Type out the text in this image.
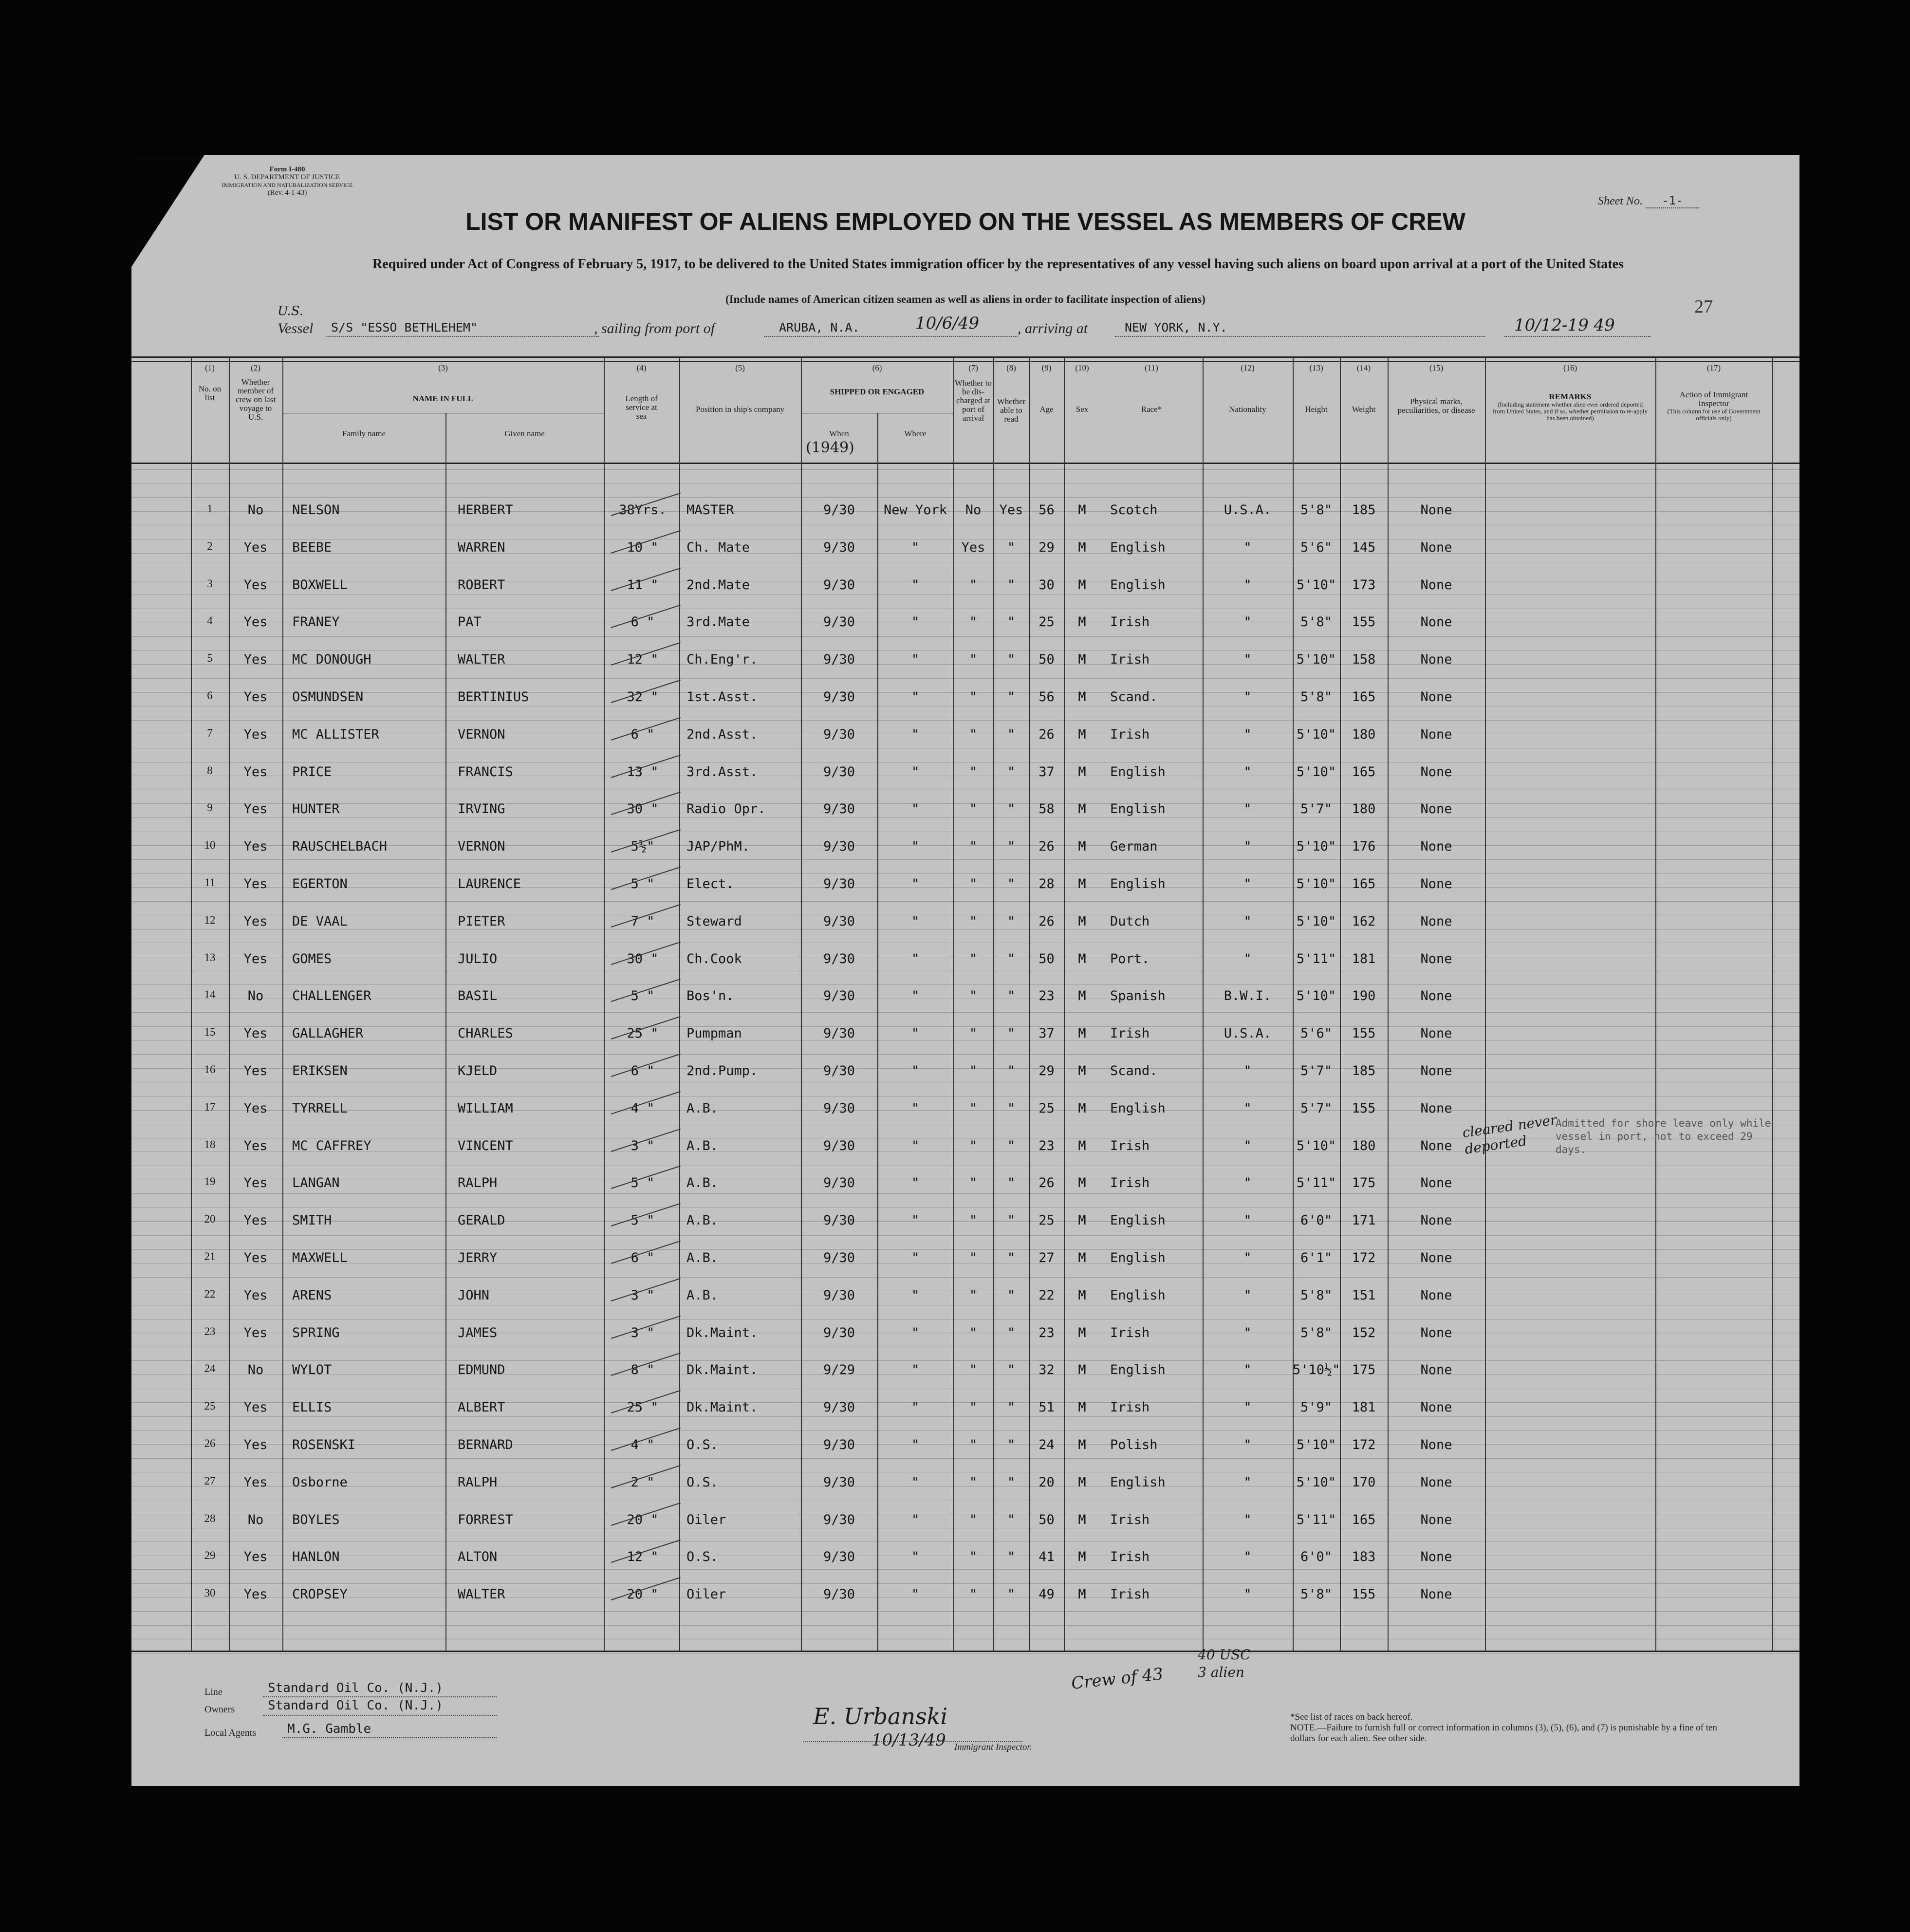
Form I-480
U. S. DEPARTMENT OF JUSTICE
IMMIGRATION AND NATURALIZATION SERVICE
(Rev. 4-1-43)
Sheet No. -1-
LIST OR MANIFEST OF ALIENS EMPLOYED ON THE VESSEL AS MEMBERS OF CREW
Required under Act of Congress of February 5, 1917, to be delivered to the United States immigration officer by the representatives of any vessel having such aliens on board upon arrival at a port of the United States
(Include names of American citizen seamen as well as aliens in order to facilitate inspection of aliens)	27
U.S.
Vessel S/S "ESSO BETHLEHEM"	, sailing from port of	ARUBA, N.A.	10/6/49	, arriving at	NEW YORK, N.Y.	10/12-19 49
(1)
No. on list
(2)
Whether member of crew on last voyage to U.S.
(3)
NAME IN FULL
Family name	Given name
(4)
Length of service at sea
(5)
Position in ship's company
(6)
SHIPPED OR ENGAGED
When	Where
(1949)
(7)
Whether to be dis-charged at port of arrival
(8)
Whether able to read
(9)
Age
(10)
Sex
(11)
Race*
(12)
Nationality
(13)
Height
(14)
Weight
(15)
Physical marks, peculiarities, or disease
(16)
REMARKS
(Including statement whether alien ever ordered deported from United States, and if so, whether permission to re-apply has been obtained)
(17)
Action of Immigrant Inspector
(This column for use of Government officials only)
1	No	NELSON	HERBERT	38Yrs.	MASTER	9/30	New York	No	Yes	56	M	Scotch	U.S.A.	5'8"	185	None
2	Yes	BEEBE	WARREN	10 "	Ch. Mate	9/30	"	Yes	"	29	M	English	"	5'6"	145	None
3	Yes	BOXWELL	ROBERT	11 "	2nd.Mate	9/30	"	"	"	30	M	English	"	5'10"	173	None
4	Yes	FRANEY	PAT	6 "	3rd.Mate	9/30	"	"	"	25	M	Irish	"	5'8"	155	None
5	Yes	MC DONOUGH	WALTER	12 "	Ch.Eng'r.	9/30	"	"	"	50	M	Irish	"	5'10"	158	None
6	Yes	OSMUNDSEN	BERTINIUS	32 "	1st.Asst.	9/30	"	"	"	56	M	Scand.	"	5'8"	165	None
7	Yes	MC ALLISTER	VERNON	6 "	2nd.Asst.	9/30	"	"	"	26	M	Irish	"	5'10"	180	None
8	Yes	PRICE	FRANCIS	13 "	3rd.Asst.	9/30	"	"	"	37	M	English	"	5'10"	165	None
9	Yes	HUNTER	IRVING	30 "	Radio Opr.	9/30	"	"	"	58	M	English	"	5'7"	180	None
10	Yes	RAUSCHELBACH	VERNON	5½"	JAP/PhM.	9/30	"	"	"	26	M	German	"	5'10"	176	None
11	Yes	EGERTON	LAURENCE	5 "	Elect.	9/30	"	"	"	28	M	English	"	5'10"	165	None
12	Yes	DE VAAL	PIETER	7 "	Steward	9/30	"	"	"	26	M	Dutch	"	5'10"	162	None
13	Yes	GOMES	JULIO	30 "	Ch.Cook	9/30	"	"	"	50	M	Port.	"	5'11"	181	None
14	No	CHALLENGER	BASIL	5 "	Bos'n.	9/30	"	"	"	23	M	Spanish	B.W.I.	5'10"	190	None
15	Yes	GALLAGHER	CHARLES	25 "	Pumpman	9/30	"	"	"	37	M	Irish	U.S.A.	5'6"	155	None
16	Yes	ERIKSEN	KJELD	6 "	2nd.Pump.	9/30	"	"	"	29	M	Scand.	"	5'7"	185	None
17	Yes	TYRRELL	WILLIAM	4 "	A.B.	9/30	"	"	"	25	M	English	"	5'7"	155	None
18	Yes	MC CAFFREY	VINCENT	3 "	A.B.	9/30	"	"	"	23	M	Irish	"	5'10"	180	None
19	Yes	LANGAN	RALPH	5 "	A.B.	9/30	"	"	"	26	M	Irish	"	5'11"	175	None
20	Yes	SMITH	GERALD	5 "	A.B.	9/30	"	"	"	25	M	English	"	6'0"	171	None
21	Yes	MAXWELL	JERRY	6 "	A.B.	9/30	"	"	"	27	M	English	"	6'1"	172	None
22	Yes	ARENS	JOHN	3 "	A.B.	9/30	"	"	"	22	M	English	"	5'8"	151	None
23	Yes	SPRING	JAMES	3 "	Dk.Maint.	9/30	"	"	"	23	M	Irish	"	5'8"	152	None
24	No	WYLOT	EDMUND	8 "	Dk.Maint.	9/29	"	"	"	32	M	English	"	5'10½" 175	None
25	Yes	ELLIS	ALBERT	25 "	Dk.Maint.	9/30	"	"	"	51	M	Irish	"	5'9"	181	None
26	Yes	ROSENSKI	BERNARD	4 "	O.S.	9/30	"	"	"	24	M	Polish	"	5'10"	172	None
27	Yes	Osborne	RALPH	2 "	O.S.	9/30	"	"	"	20	M	English	"	5'10"	170	None
28	No	BOYLES	FORREST	20 "	Oiler	9/30	"	"	"	50	M	Irish	"	5'11"	165	None
29	Yes	HANLON	ALTON	12 "	O.S.	9/30	"	"	"	41	M	Irish	"	6'0"	183	None
30	Yes	CROPSEY	WALTER	20 "	Oiler	9/30	"	"	"	49	M	Irish	"	5'8"	155	None
cleared never deported
Admitted for shore leave only while vessel in port, not to exceed 29 days.
Line	Standard Oil Co. (N.J.)
Owners	Standard Oil Co. (N.J.)
Local Agents M.G. Gamble	E. Urbanski
10/13/49 Immigrant Inspector.
Crew of 43
40 USC
3 alien
*See list of races on back hereof.
NOTE.—Failure to furnish full or correct information in columns (3), (5), (6), and (7) is punishable by a fine of ten dollars for each alien. See other side.
